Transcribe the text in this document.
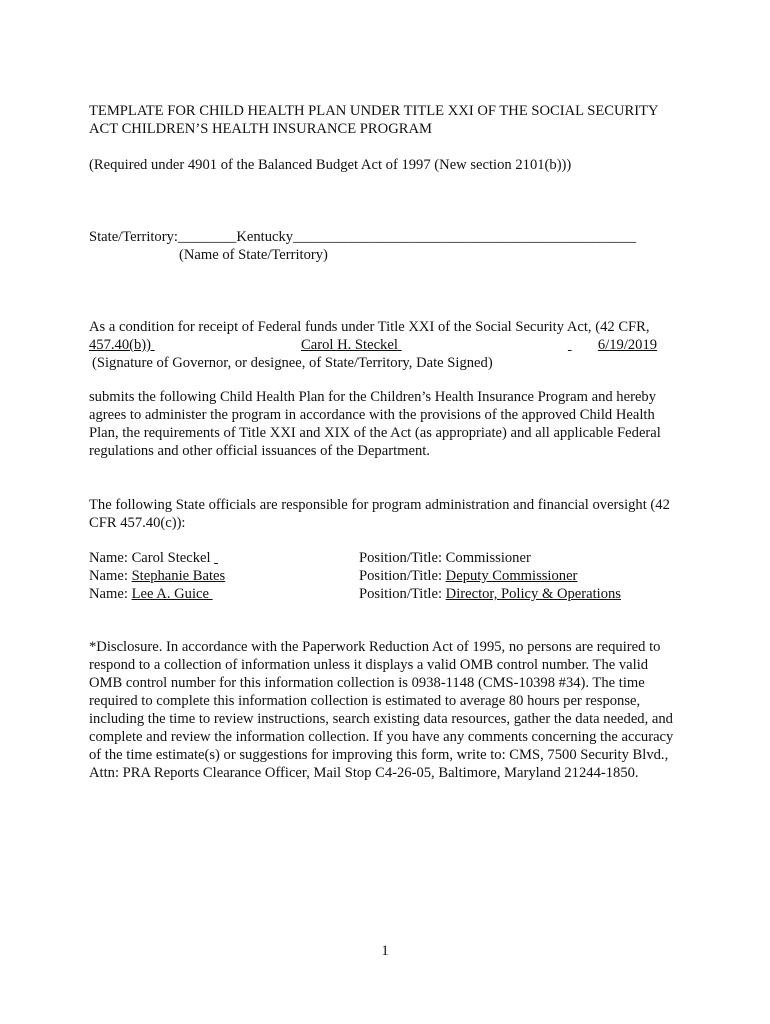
TEMPLATE FOR CHILD HEALTH PLAN UNDER TITLE XXI OF THE SOCIAL SECURITY
ACT CHILDREN’S HEALTH INSURANCE PROGRAM
(Required under 4901 of the Balanced Budget Act of 1997 (New section 2101(b)))
State/Territory:________Kentucky_______________________________________________
(Name of State/Territory)
As a condition for receipt of Federal funds under Title XXI of the Social Security Act, (42 CFR,
457.40(b))	Carol H. Steckel	6/19/2019
(Signature of Governor, or designee, of State/Territory, Date Signed)
submits the following Child Health Plan for the Children’s Health Insurance Program and hereby
agrees to administer the program in accordance with the provisions of the approved Child Health
Plan, the requirements of Title XXI and XIX of the Act (as appropriate) and all applicable Federal
regulations and other official issuances of the Department.
The following State officials are responsible for program administration and financial oversight (42
CFR 457.40(c)):
Name: Carol Steckel	Position/Title: Commissioner
Name: Stephanie Bates	Position/Title: Deputy Commissioner
Name: Lee A. Guice	Position/Title: Director, Policy & Operations
*Disclosure. In accordance with the Paperwork Reduction Act of 1995, no persons are required to
respond to a collection of information unless it displays a valid OMB control number. The valid
OMB control number for this information collection is 0938-1148 (CMS-10398 #34). The time
required to complete this information collection is estimated to average 80 hours per response,
including the time to review instructions, search existing data resources, gather the data needed, and
complete and review the information collection. If you have any comments concerning the accuracy
of the time estimate(s) or suggestions for improving this form, write to: CMS, 7500 Security Blvd.,
Attn: PRA Reports Clearance Officer, Mail Stop C4-26-05, Baltimore, Maryland 21244-1850.
1
